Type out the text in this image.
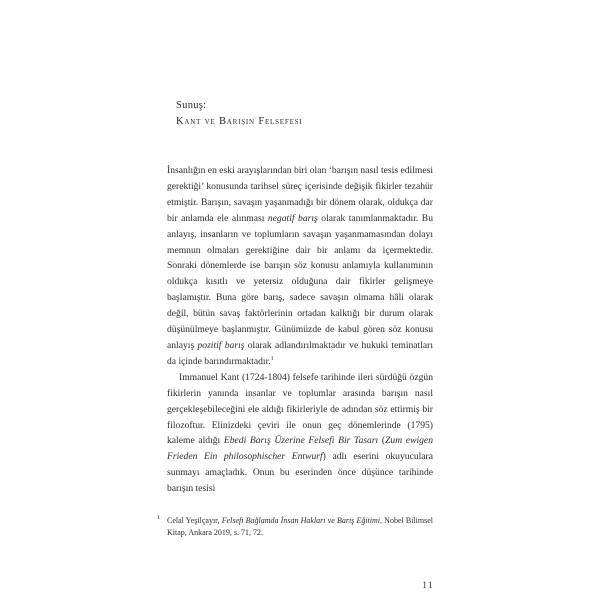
Sunuş:
Kant ve Barışın Felsefesi

İnsanlığın en eski arayışlarından biri olan ‘barışın nasıl tesis edilmesi gerektiği’ konusunda tarihsel süreç içerisinde değişik fikirler tezahür etmiştir. Barışın, savaşın yaşanmadığı bir dönem olarak, oldukça dar bir anlamda ele alınması negatif barış olarak tanımlanmaktadır. Bu anlayış, insanların ve toplumların savaşın yaşanmamasından dolayı memnun olmaları gerektiğine dair bir anlamı da içermektedir. Sonraki dönemlerde ise barışın söz konusu anlamıyla kullanımının oldukça kısıtlı ve yetersiz olduğuna dair fikirler gelişmeye başlamıştır. Buna göre barış, sadece savaşın olmama hâli olarak değil, bütün savaş faktörlerinin ortadan kalktığı bir durum olarak düşünülmeye başlanmıştır. Günümüzde de kabul gören söz konusu anlayış pozitif barış olarak adlandırılmaktadır ve hukuki teminatları da içinde barındırmaktadır.$^1$

Immanuel Kant (1724-1804) felsefe tarihinde ileri sürdüğü özgün fikirlerin yanında insanlar ve toplumlar arasında barışın nasıl gerçekleşebileceğini ele aldığı fikirleriyle de adından söz ettirmiş bir filozoftur. Elinizdeki çeviri ile onun geç dönemlerinde (1795) kaleme aldığı Ebedi Barış Üzerine Felsefi Bir Tasarı (Zum ewigen Frieden Ein philosophischer Entwurf) adlı eserini okuyuculara sunmayı amaçladık. Onun bu eserinden önce düşünce tarihinde barışın tesisi

1 Celal Yeşilçayır, Felsefi Bağlamda İnsan Hakları ve Barış Eğitimi, Nobel Bilimsel Kitap, Ankara 2019, s. 71, 72.
11
